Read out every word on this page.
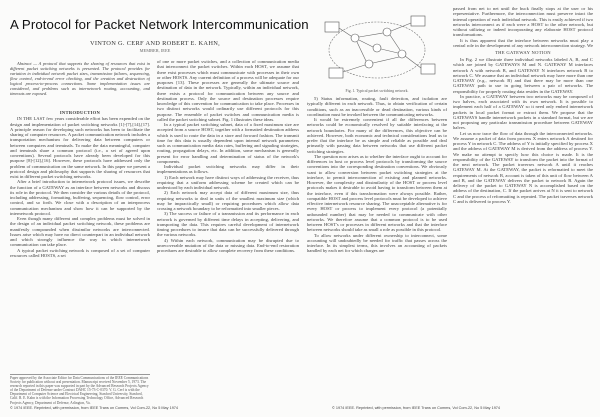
A Protocol for Packet Network Intercommunication
VINTON G. CERF AND ROBERT E. KAHN,
MEMBER, IEEE

Abstract — A protocol that supports the sharing of resources that exist in different packet switching networks is presented. The protocol provides for variation in individual network packet sizes, transmission failures, sequencing, flow control, end-to-end error checking, and the creation and destruction of logical process-to-process connections. Some implementation issues are considered, and problems such as internetwork routing, accounting, and timeouts are exposed.

INTRODUCTION

IN THE LAST few years considerable effort has been expended on the design and implementation of packet switching networks [1]-[7],[14],[17]. A principle reason for developing such networks has been to facilitate the sharing of computer resources. A packet communication network includes a transportation mechanism for delivering data between computers or between computers and terminals. To make the data meaningful, computer and terminals share a common protocol (i.e., a set of agreed upon conventions). Several protocols have already been developed for this purpose [8]-[12],[16]. However, these protocols have addressed only the problem of communication on the same network. In this paper we present a protocol design and philosophy that supports the sharing of resources that exist in different packet switching networks.

After a brief introduction to internetwork protocol issues, we describe the function of a GATEWAY as an interface between networks and discuss its role in the protocol. We then consider the various details of the protocol, including addressing, formatting, buffering, sequencing, flow control, error control, and so forth. We close with a description of an interprocess communication mechanism and show how it can be supported by the internetwork protocol.

Even though many different and complex problems must be solved in the design of an individual packet switching network, these problems are manifestly compounded when dissimilar networks are interconnected. Issues arise which may have no direct counterpart in an individual network and which strongly influence the way in which internetwork communication can take place.

A typical packet switching network is composed of a set of computer resources called HOSTS, a set

Paper approved by the Associate Editor for Data Communications of the IEEE Communications Society for publication without oral presentation. Manuscript received November 5, 1973. The research reported in this paper was supported in part by the Advanced Research Projects Agency of the Department of Defense under Contract DAHC 15-73-C-0370. V. G. Cerf is with the Department of Computer Science and Electrical Engineering, Stanford University, Stanford, Calif. R. E. Kahn is with the Information Processing Technology Office, Advanced Research Projects Agency, Department of Defense, Arlington, Va.

of one or more packet switches, and a collection of communication media that interconnect the packet switches. Within each HOST, we assume that there exist processes which must communicate with processes in their own or other HOSTS. Any current definition of a process will be adequate for our purposes [13]. These processes are generally the ultimate source and destination of data in the network. Typically, within an individual network, there exists a protocol for communication between any source and destination process. Only the source and destination processes require knowledge of this convention for communication to take place. Processes in two distinct networks would ordinarily use different protocols for this purpose. The ensemble of packet switches and communication media is called the packet switching subnet. Fig. 1 illustrates these ideas.

In a typical packet switching subnet, data of a fixed maximum size are accepted from a source HOST, together with a formatted destination address which is used to route the data in a store and forward fashion. The transmit time for this data is usually dependent upon internal network parameters such as communication media data rates, buffering and signaling strategies, routing, propagation delays, etc. In addition, some mechanism is generally present for error handling and determination of status of the network's components.

Individual packet switching networks may differ in their implementations as follows.

1) Each network may have distinct ways of addressing the receiver, thus requiring that a uniform addressing scheme be created which can be understood by each individual network.

2) Each network may accept data of different maximum size, thus requiring networks to deal in units of the smallest maximum size (which may be impractically small) or requiring procedures which allow data crossing a network boundary to be reformatted into smaller pieces.

3) The success or failure of a transmission and its performance in each network is governed by different time delays in accepting, delivering, and transporting the data. This requires careful development of internetwork timing procedures to insure that data can be successfully delivered through the various networks.

4) Within each network, communication may be disrupted due to unrecoverable mutation of the data or missing data. End-to-end restoration procedures are desirable to allow complete recovery from these conditions.

Fig. 1. Typical packet switching network.

5) Status information, routing, fault detection, and isolation are typically different in each network. Thus, to obtain verification of certain conditions, such as an inaccessible or dead destination, various kinds of coordination must be invoked between the communicating networks.

It would be extremely convenient if all the differences between networks could be economically resolved by suitable interfacing at the network boundaries. For many of the differences, this objective can be achieved. However, both economic and technical considerations lead us to prefer that the interface be as simple and reliable as possible and deal primarily with passing data between networks that use different packet switching strategies.

The question now arises as to whether the interface ought to account for differences in host or process level protocols by transforming the source conventions into the corresponding destination conventions. We obviously want to allow conversion between packet switching strategies at the interface, to permit interconnection of existing and planned networks. However, the complexity and dissimilarity of the HOST or process level protocols makes it desirable to avoid having to transform between them at the interface, even if this transformation were always possible. Rather, compatible HOST and process level protocols must be developed to achieve effective internetwork resource sharing. The unacceptable alternative is for every HOST or process to implement every protocol (a potentially unbounded number) that may be needed to communicate with other networks. We therefore assume that a common protocol is to be used between HOST's or processes in different networks and that the interface between networks should take as small a role as possible in this protocol.

To allow networks under different ownership to interconnect, some accounting will undoubtedly be needed for traffic that passes across the interface. In its simplest terms, this involves an accounting of packets handled by each net for which charges are

passed from net to net until the buck finally stops at the user or his representative. Furthermore, the interconnection must preserve intact the internal operation of each individual network. This is easily achieved if two networks interconnect as if each were a HOST to the other network, but without utilizing or indeed incorporating any elaborate HOST protocol transformations.

It is thus apparent that the interface between networks must play a central role in the development of any network interconnection strategy. We

THE GATEWAY NOTION

In Fig. 2 we illustrate three individual networks labeled A, B, and C which are joined by GATEWAYS M and N. GATEWAY M interfaces network A with network B, and GATEWAY N interfaces network B to network C. We assume that an individual network may have more than one GATEWAY (e.g., network B) and that there may be more than one GATEWAY path to use in going between a pair of networks. The responsibility for properly routing data resides in the GATEWAY.

In practice, a GATEWAY between two networks may be composed of two halves, each associated with its own network. It is possible to implement each half of a GATEWAY so it need only embed internetwork packets in local packet format or extract them. We propose that the GATEWAYS handle internetwork packets in a standard format, but we are not proposing any particular transmission procedure between GATEWAY halves.

Let us now trace the flow of data through the interconnected networks. We assume a packet of data from process X enters network A destined for process Y in network C. The address of Y is initially specified by process X and the address of GATEWAY M is derived from the address of process Y. We make no attempt to specify how this choice is made. It is the responsibility of the GATEWAY to transform the packet into the format of the next network. The packet traverses network A until it reaches GATEWAY M. At the GATEWAY, the packet is reformatted to meet the requirements of network B, account is taken of this unit of flow between A and B, and the GATEWAY delivers the packet to network B. Again the delivery of the packet to GATEWAY N is accomplished based on the address of the destination, C. If the packet arrives at N it is sent to network C and the process of reformatting is repeated. The packet traverses network C and is delivered to process Y.

© 1974 IEEE. Reprinted, with permission, from IEEE Trans on Comms, Vol Com-22, No 5 May 1974	© 1974 IEEE. Reprinted, with permission, from IEEE Trans on Comms, Vol Com-22, No 5 May 1974
